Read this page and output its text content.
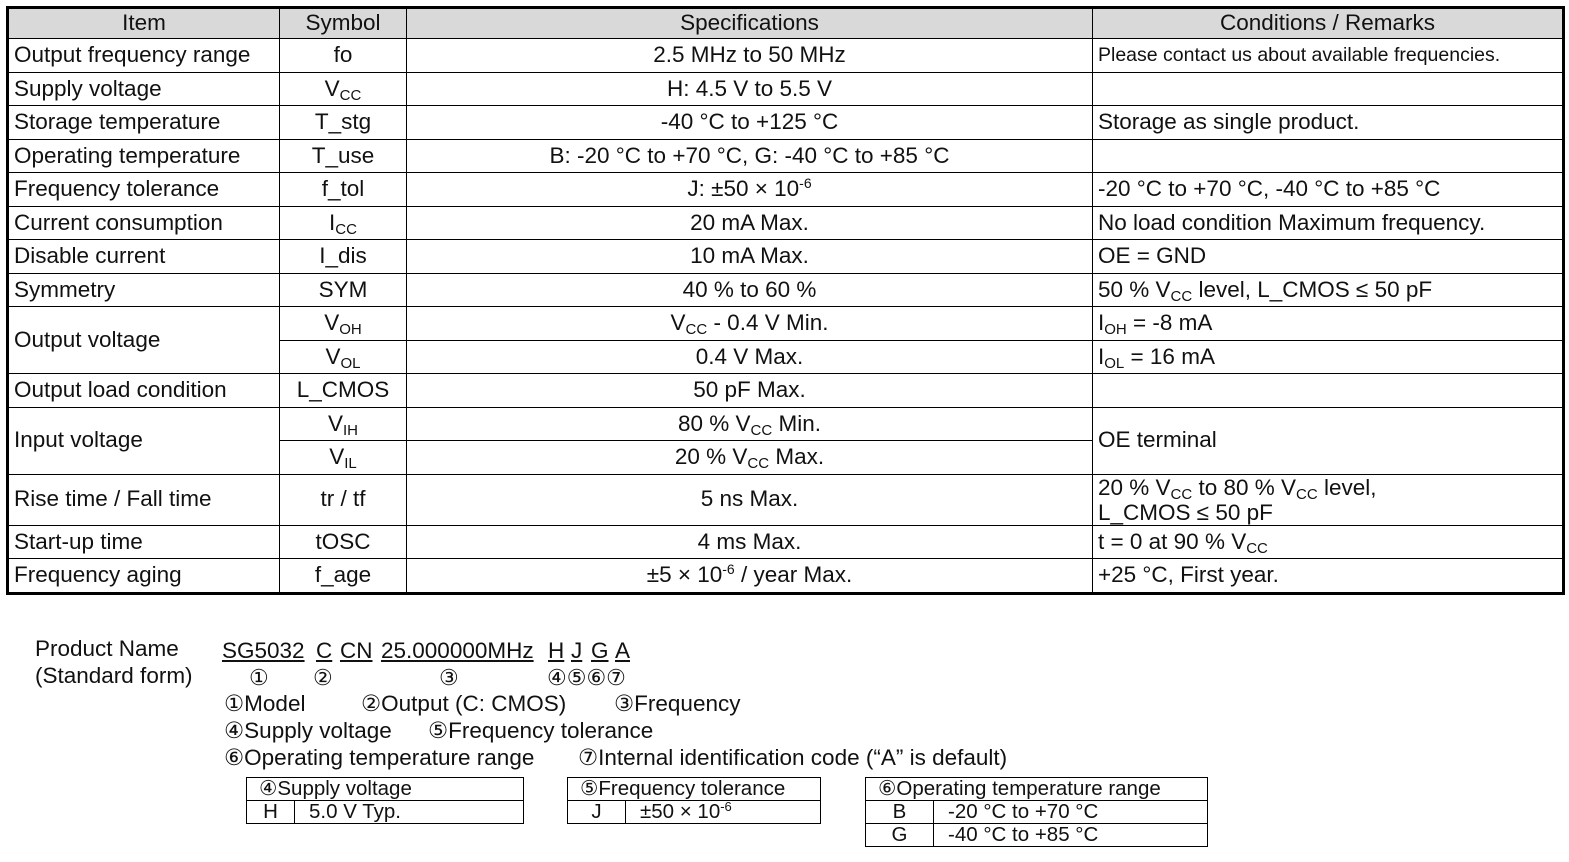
Item	Symbol	Specifications	Conditions / Remarks
Output frequency range	fo	2.5 MHz to 50 MHz	Please contact us about available frequencies.
Supply voltage	$V_{CC}$	H: 4.5 V to 5.5 V	
Storage temperature	T_stg	-40 °C to +125 °C	Storage as single product.
Operating temperature	T_use	B: -20 °C to +70 °C, G: -40 °C to +85 °C	
Frequency tolerance	f_tol	J: $\pm 50 \times 10^{-6}$	-20 °C to +70 °C, -40 °C to +85 °C
Current consumption	$I_{CC}$	20 mA Max.	No load condition Maximum frequency.
Disable current	I_dis	10 mA Max.	OE = GND
Symmetry	SYM	40 % to 60 %	50 % $V_{CC}$ level, L_CMOS ≤ 50 pF
Output voltage	$V_{OH}$	$V_{CC} - 0.4$ V Min.	$I_{OH} = -8$ mA
	$V_{OL}$	0.4 V Max.	$I_{OL} = 16$ mA
Output load condition	L_CMOS	50 pF Max.	
Input voltage	$V_{IH}$	80 % $V_{CC}$ Min.	OE terminal
	$V_{IL}$	20 % $V_{CC}$ Max.	
Rise time / Fall time	tr / tf	5 ns Max.	20 % $V_{CC}$ to 80 % $V_{CC}$ level,
L_CMOS ≤ 50 pF
Start-up time	tOSC	4 ms Max.	t = 0 at 90 % $V_{CC}$
Frequency aging	f_age	$\pm 5 \times 10^{-6}$ / year Max.	+25 °C, First year.
Product Name
(Standard form)
SG5032 C CN 25.000000MHz H J G A
① ②	③	④⑤⑥⑦
①Model ②Output (C: CMOS) ③Frequency
④Supply voltage ⑤Frequency tolerance
⑥Operating temperature range ⑦Internal identification code (“A” is default)
④Supply voltage
H	5.0 V Typ.
⑤Frequency tolerance
J	$\pm 50 \times 10^{-6}$
⑥Operating temperature range	
B	-20 °C to +70 °C
G	-40 °C to +85 °C
